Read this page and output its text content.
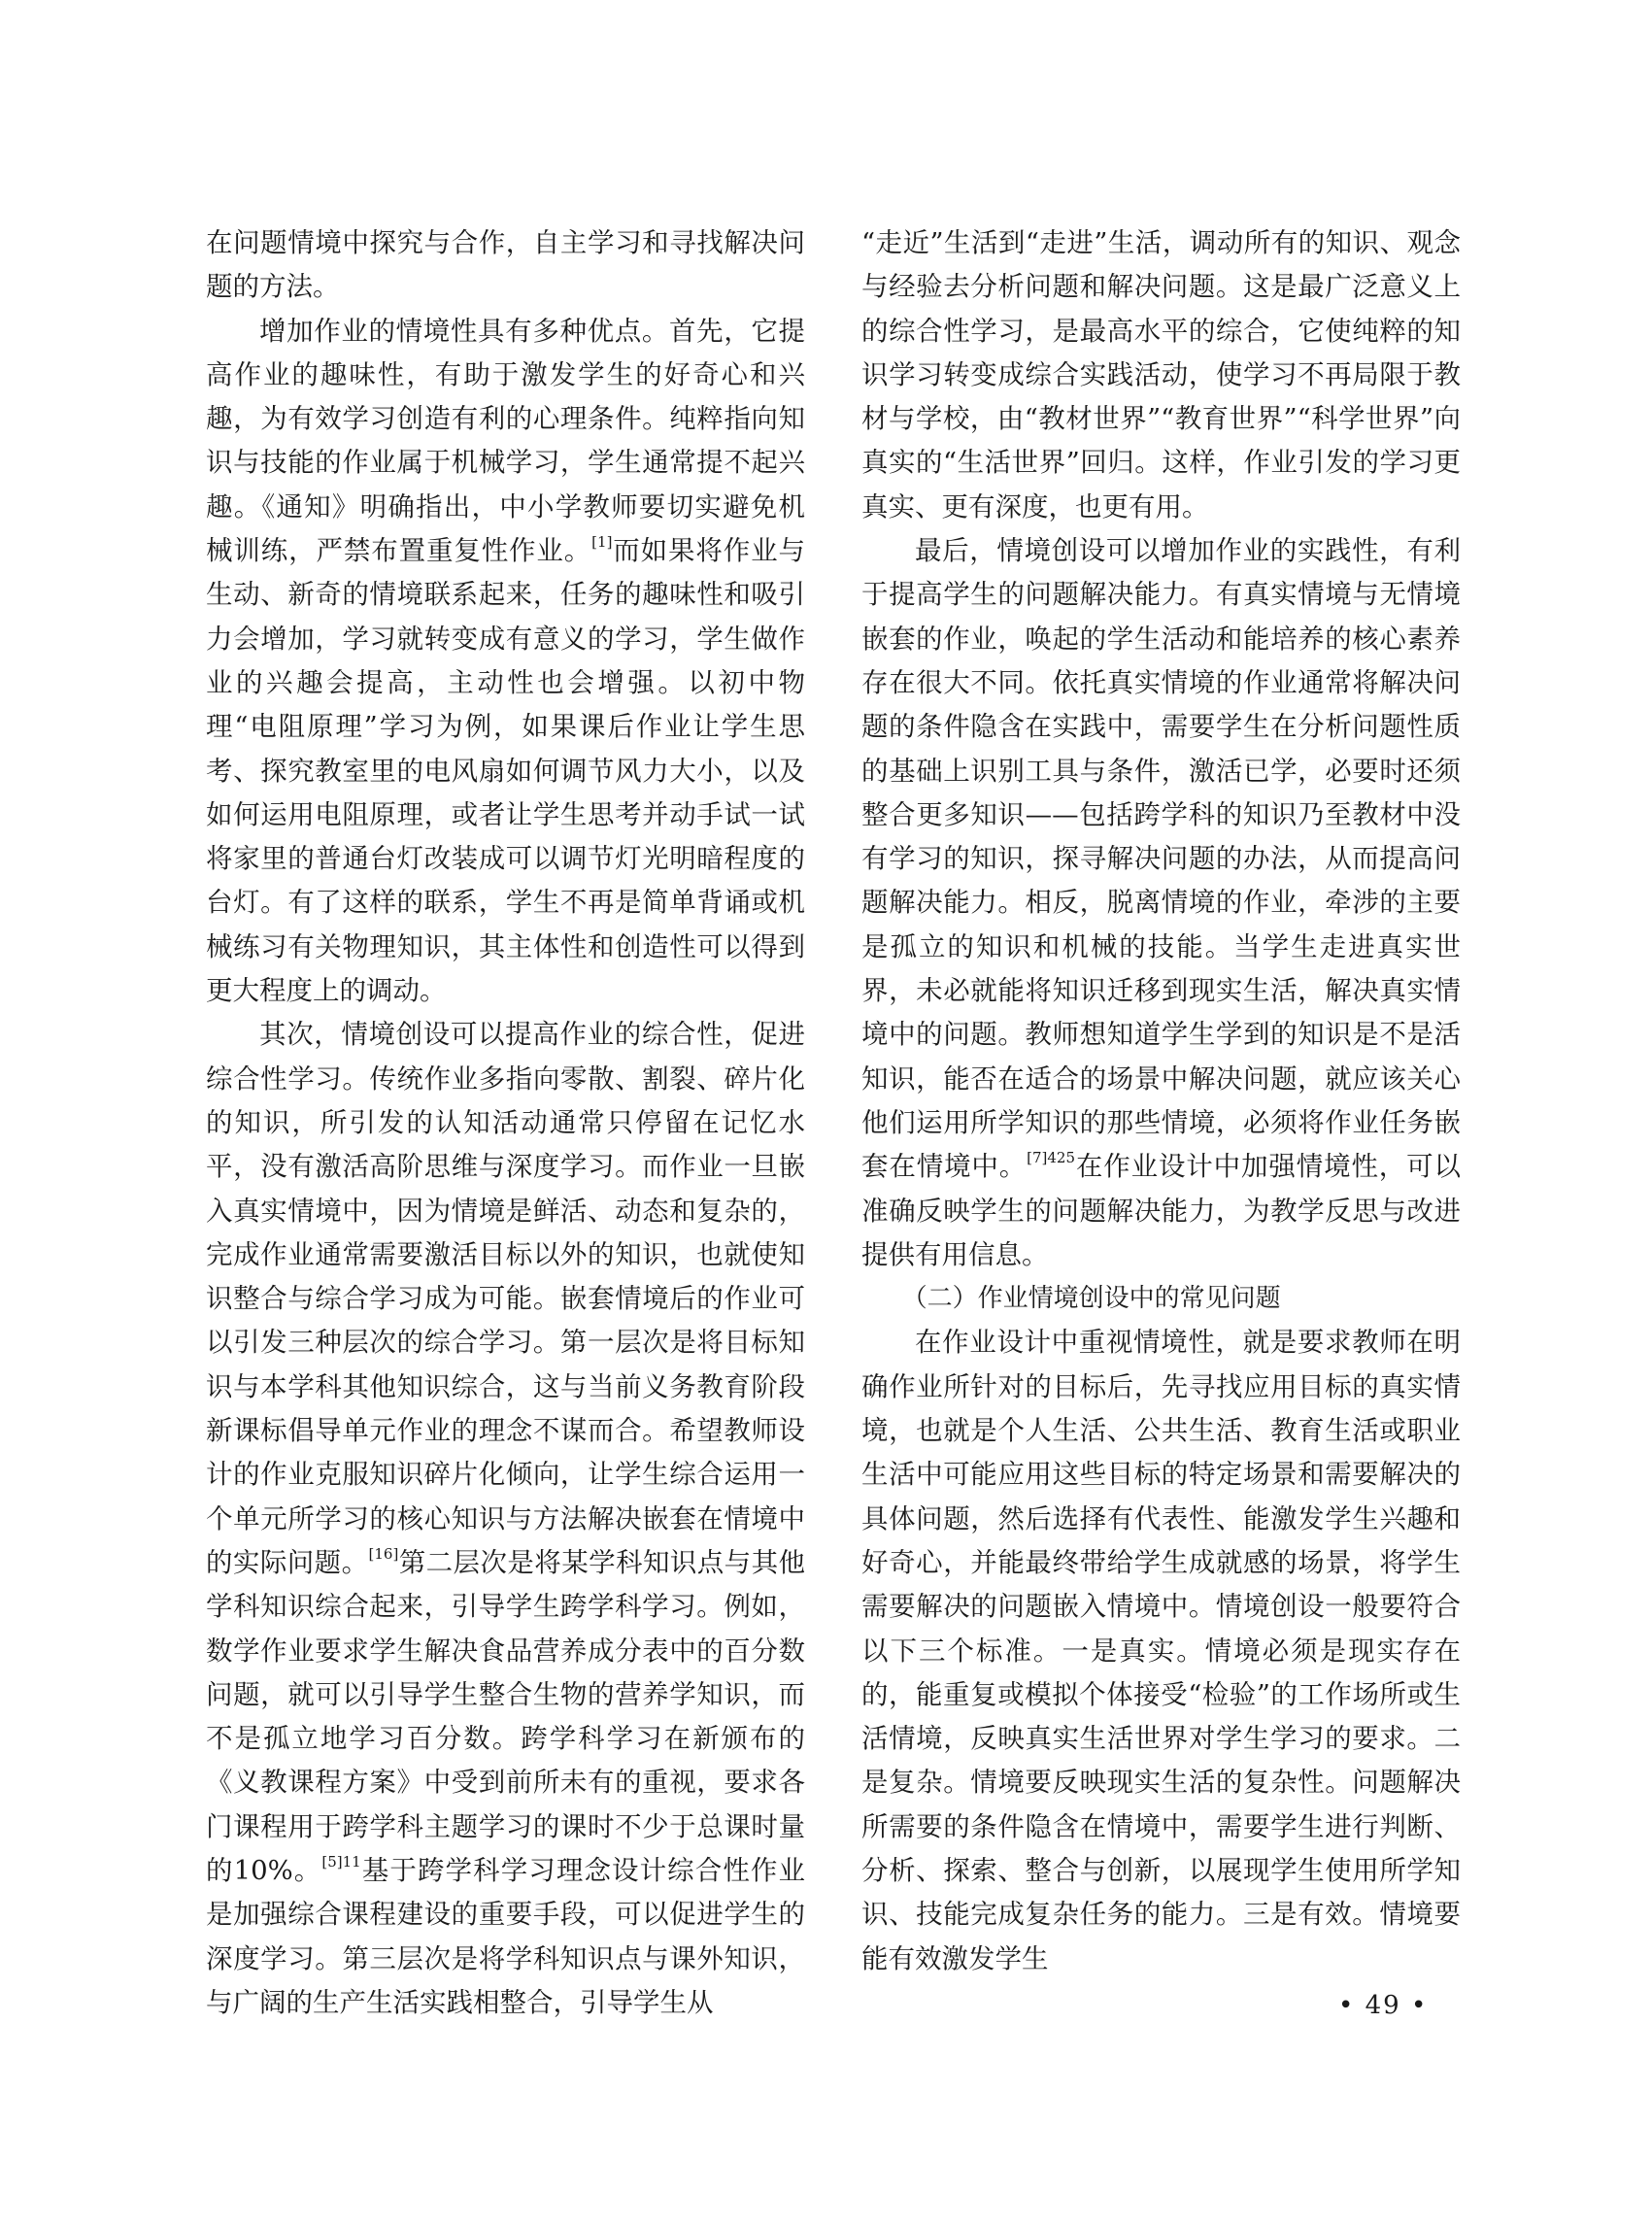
在问题情境中探究与合作，自主学习和寻找解决问题的方法。

增加作业的情境性具有多种优点。首先，它提高作业的趣味性，有助于激发学生的好奇心和兴趣，为有效学习创造有利的心理条件。纯粹指向知识与技能的作业属于机械学习，学生通常提不起兴趣。《通知》明确指出，中小学教师要切实避免机械训练，严禁布置重复性作业。[1]而如果将作业与生动、新奇的情境联系起来，任务的趣味性和吸引力会增加，学习就转变成有意义的学习，学生做作业的兴趣会提高，主动性也会增强。以初中物理“电阻原理”学习为例，如果课后作业让学生思考、探究教室里的电风扇如何调节风力大小，以及如何运用电阻原理，或者让学生思考并动手试一试将家里的普通台灯改装成可以调节灯光明暗程度的台灯。有了这样的联系，学生不再是简单背诵或机械练习有关物理知识，其主体性和创造性可以得到更大程度上的调动。

其次，情境创设可以提高作业的综合性，促进综合性学习。传统作业多指向零散、割裂、碎片化的知识，所引发的认知活动通常只停留在记忆水平，没有激活高阶思维与深度学习。而作业一旦嵌入真实情境中，因为情境是鲜活、动态和复杂的，完成作业通常需要激活目标以外的知识，也就使知识整合与综合学习成为可能。嵌套情境后的作业可以引发三种层次的综合学习。第一层次是将目标知识与本学科其他知识综合，这与当前义务教育阶段新课标倡导单元作业的理念不谋而合。希望教师设计的作业克服知识碎片化倾向，让学生综合运用一个单元所学习的核心知识与方法解决嵌套在情境中的实际问题。[16]第二层次是将某学科知识点与其他学科知识综合起来，引导学生跨学科学习。例如，数学作业要求学生解决食品营养成分表中的百分数问题，就可以引导学生整合生物的营养学知识，而不是孤立地学习百分数。跨学科学习在新颁布的《义教课程方案》中受到前所未有的重视，要求各门课程用于跨学科主题学习的课时不少于总课时量的10%。$^{[5]11}$基于跨学科学习理念设计综合性作业是加强综合课程建设的重要手段，可以促进学生的深度学习。第三层次是将学科知识点与课外知识，与广阔的生产生活实践相整合，引导学生从

“走近”生活到“走进”生活，调动所有的知识、观念与经验去分析问题和解决问题。这是最广泛意义上的综合性学习，是最高水平的综合，它使纯粹的知识学习转变成综合实践活动，使学习不再局限于教材与学校，由“教材世界”“教育世界”“科学世界”向真实的“生活世界”回归。这样，作业引发的学习更真实、更有深度，也更有用。

最后，情境创设可以增加作业的实践性，有利于提高学生的问题解决能力。有真实情境与无情境嵌套的作业，唤起的学生活动和能培养的核心素养存在很大不同。依托真实情境的作业通常将解决问题的条件隐含在实践中，需要学生在分析问题性质的基础上识别工具与条件，激活已学，必要时还须整合更多知识——包括跨学科的知识乃至教材中没有学习的知识，探寻解决问题的办法，从而提高问题解决能力。相反，脱离情境的作业，牵涉的主要是孤立的知识和机械的技能。当学生走进真实世界，未必就能将知识迁移到现实生活，解决真实情境中的问题。教师想知道学生学到的知识是不是活知识，能否在适合的场景中解决问题，就应该关心他们运用所学知识的那些情境，必须将作业任务嵌套在情境中。$^{[7]425}$在作业设计中加强情境性，可以准确反映学生的问题解决能力，为教学反思与改进提供有用信息。

（二）作业情境创设中的常见问题

在作业设计中重视情境性，就是要求教师在明确作业所针对的目标后，先寻找应用目标的真实情境，也就是个人生活、公共生活、教育生活或职业生活中可能应用这些目标的特定场景和需要解决的具体问题，然后选择有代表性、能激发学生兴趣和好奇心，并能最终带给学生成就感的场景，将学生需要解决的问题嵌入情境中。情境创设一般要符合以下三个标准。一是真实。情境必须是现实存在的，能重复或模拟个体接受“检验”的工作场所或生活情境，反映真实生活世界对学生学习的要求。二是复杂。情境要反映现实生活的复杂性。问题解决所需要的条件隐含在情境中，需要学生进行判断、分析、探索、整合与创新，以展现学生使用所学知识、技能完成复杂任务的能力。三是有效。情境要能有效激发学生

• 49 •
